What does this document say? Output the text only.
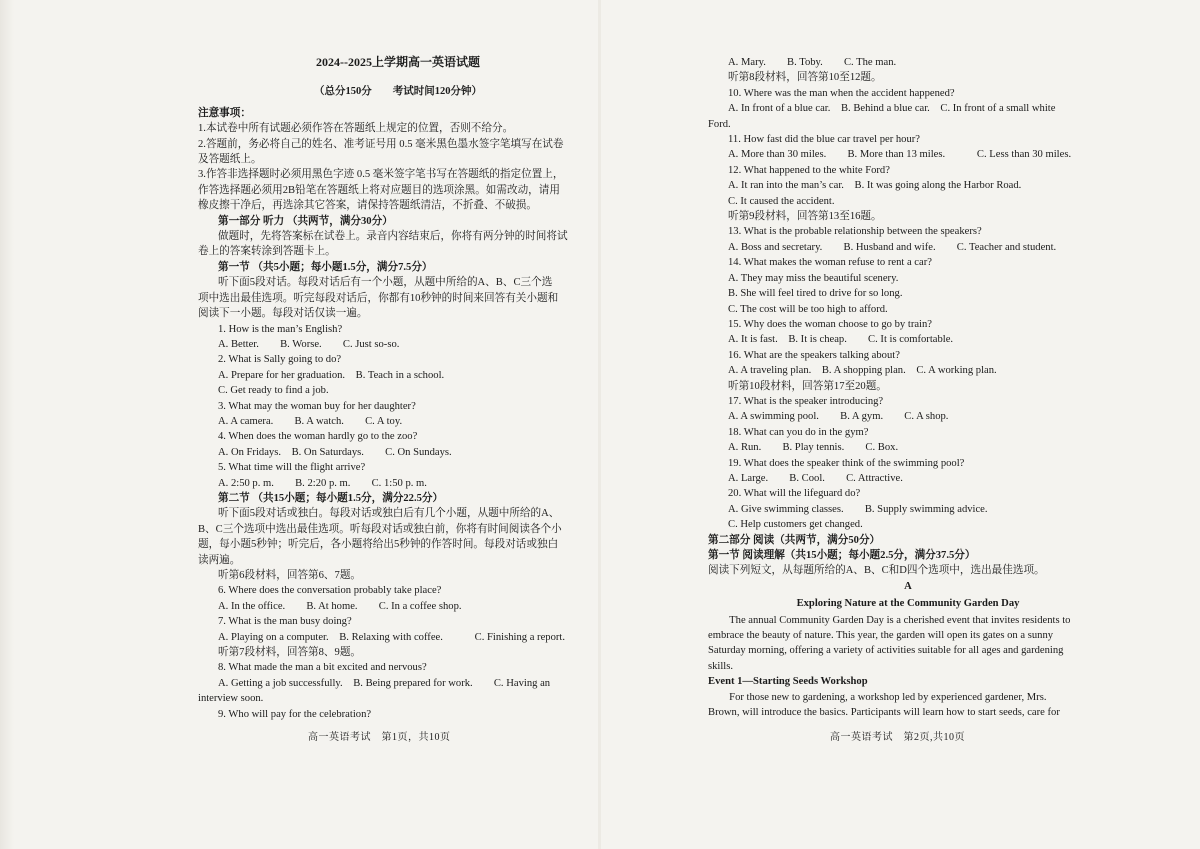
2024--2025上学期高一英语试题

（总分150分　　考试时间120分钟）

注意事项：

1.本试卷中所有试题必须作答在答题纸上规定的位置，否则不给分。

2.答题前，务必将自己的姓名、准考证号用 0.5 毫米黑色墨水签字笔填写在试卷

及答题纸上。

3.作答非选择题时必须用黑色字迹 0.5 毫米签字笔书写在答题纸的指定位置上，

作答选择题必须用2B铅笔在答题纸上将对应题目的选项涂黑。如需改动，请用

橡皮擦干净后，再选涂其它答案，请保持答题纸清洁，不折叠、不破损。

第一部分 听力 （共两节，满分30分）

做题时，先将答案标在试卷上。录音内容结束后，你将有两分钟的时间将试

卷上的答案转涂到答题卡上。

第一节 （共5小题；每小题1.5分，满分7.5分）

听下面5段对话。每段对话后有一个小题，从题中所给的A、B、C三个选

项中选出最佳选项。听完每段对话后，你都有10秒钟的时间来回答有关小题和

阅读下一小题。每段对话仅读一遍。

1. How is the man’s English?

A. Better.　　B. Worse.　　C. Just so-so.

2. What is Sally going to do?

A. Prepare for her graduation.　B. Teach in a school.

C. Get ready to find a job.

3. What may the woman buy for her daughter?

A. A camera.　　B. A watch.　　C. A toy.

4. When does the woman hardly go to the zoo?

A. On Fridays.　B. On Saturdays.　　C. On Sundays.

5. What time will the flight arrive?

A. 2:50 p. m.　　B. 2:20 p. m.　　C. 1:50 p. m.

第二节 （共15小题；每小题1.5分，满分22.5分）

听下面5段对话或独白。每段对话或独白后有几个小题，从题中所给的A、

B、C三个选项中选出最佳选项。听每段对话或独白前，你将有时间阅读各个小

题，每小题5秒钟；听完后，各小题将给出5秒钟的作答时间。每段对话或独白

读两遍。

听第6段材料，回答第6、7题。

6. Where does the conversation probably take place?

A. In the office.　　B. At home.　　C. In a coffee shop.

7. What is the man busy doing?

A. Playing on a computer.　B. Relaxing with coffee.　　　C. Finishing a report.

听第7段材料，回答第8、9题。

8. What made the man a bit excited and nervous?

A. Getting a job successfully.　B. Being prepared for work.　　C. Having an

interview soon.

9. Who will pay for the celebration?

高一英语考试　第1页，共10页

A. Mary.　　B. Toby.　　C. The man.

听第8段材料，回答第10至12题。

10. Where was the man when the accident happened?

A. In front of a blue car.　B. Behind a blue car.　C. In front of a small white

Ford.

11. How fast did the blue car travel per hour?

A. More than 30 miles.　　B. More than 13 miles.　　　C. Less than 30 miles.

12. What happened to the white Ford?

A. It ran into the man’s car.　B. It was going along the Harbor Road.

C. It caused the accident.

听第9段材料，回答第13至16题。

13. What is the probable relationship between the speakers?

A. Boss and secretary.　　B. Husband and wife.　　C. Teacher and student.

14. What makes the woman refuse to rent a car?

A. They may miss the beautiful scenery.

B. She will feel tired to drive for so long.

C. The cost will be too high to afford.

15. Why does the woman choose to go by train?

A. It is fast.　B. It is cheap.　　C. It is comfortable.

16. What are the speakers talking about?

A. A traveling plan.　B. A shopping plan.　C. A working plan.

听第10段材料，回答第17至20题。

17. What is the speaker introducing?

A. A swimming pool.　　B. A gym.　　C. A shop.

18. What can you do in the gym?

A. Run.　　B. Play tennis.　　C. Box.

19. What does the speaker think of the swimming pool?

A. Large.　　B. Cool.　　C. Attractive.

20. What will the lifeguard do?

A. Give swimming classes.　　B. Supply swimming advice.

C. Help customers get changed.

第二部分 阅读（共两节，满分50分）

第一节 阅读理解（共15小题；每小题2.5分，满分37.5分）

阅读下列短文，从每题所给的A、B、C和D四个选项中，选出最佳选项。

A

Exploring Nature at the Community Garden Day

　　The annual Community Garden Day is a cherished event that invites residents to

embrace the beauty of nature. This year, the garden will open its gates on a sunny

Saturday morning, offering a variety of activities suitable for all ages and gardening

skills.

Event 1—Starting Seeds Workshop

　　For those new to gardening, a workshop led by experienced gardener, Mrs.

Brown, will introduce the basics. Participants will learn how to start seeds, care for

高一英语考试　第2页,共10页
